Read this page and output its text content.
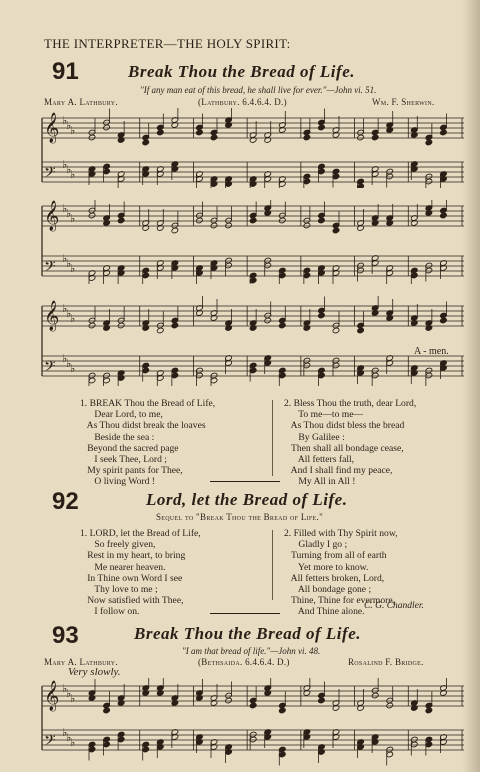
THE INTERPRETER—THE HOLY SPIRIT:
91	Break Thou the Bread of Life.
"If any man eat of this bread, he shall live for ever."—John vi. 51.
Mary A. Lathbury.	(Lathbury. 6.4.6.4. D.)	Wm. F. Sherwin.
𝄞 ♭
♭
♭
𝄢 ♭
♭
♭
𝄞 ♭
♭
♭
𝄢 ♭
♭
♭
𝄞 ♭
♭
♭
𝄢 ♭
♭
♭
A - men.
1. BREAK Thou the Bread of Life,
Dear Lord, to me,
As Thou didst break the loaves
Beside the sea :
Beyond the sacred page
I seek Thee, Lord ;
My spirit pants for Thee,
O living Word !
2. Bless Thou the truth, dear Lord,
To me—to me—
As Thou didst bless the bread
By Galilee :
Then shall all bondage cease,
All fetters fall,
And I shall find my peace,
My All in All !
92	Lord, let the Bread of Life.
Sequel to "Break Thou the Bread of Life."
1. LORD, let the Bread of Life,
So freely given,
Rest in my heart, to bring
Me nearer heaven.
In Thine own Word I see
Thy love to me ;
Now satisfied with Thee,
I follow on.
2. Filled with Thy Spirit now,
Gladly I go ;
Turning from all of earth
Yet more to know.
All fetters broken, Lord,
All bondage gone ;
Thine, Thine for evermore,
And Thine alone.
C. G. Chandler.
93	Break Thou the Bread of Life.
"I am that bread of life."—John vi. 48.
Mary A. Lathbury.	(Bethsaida. 6.4.6.4. D.)	Rosalind F. Bridge.
Very slowly.
𝄞 ♭
♭
♭
𝄢 ♭
♭
♭
